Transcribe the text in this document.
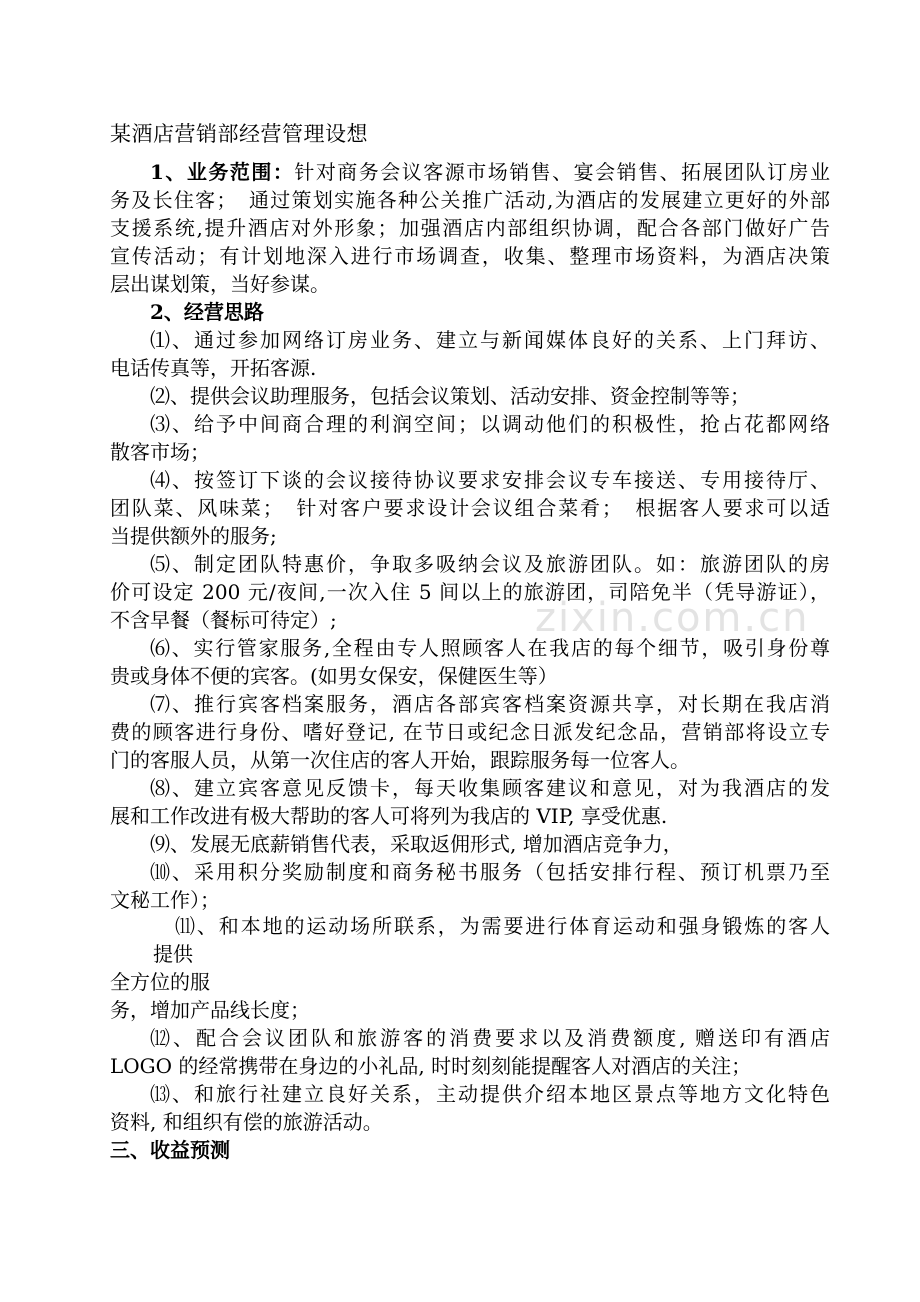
某酒店营销部经营管理设想
1、业务范围：针对商务会议客源市场销售、宴会销售、拓展团队订房业
务及长住客；　通过策划实施各种公关推广活动,为酒店的发展建立更好的外部
支援系统,提升酒店对外形象；加强酒店内部组织协调，配合各部门做好广告
宣传活动；有计划地深入进行市场调查，收集、整理市场资料，为酒店决策
层出谋划策，当好参谋。
2、经营思路
⑴、通过参加网络订房业务、建立与新闻媒体良好的关系、上门拜访、
电话传真等，开拓客源.
⑵、提供会议助理服务，包括会议策划、活动安排、资金控制等等；
⑶、给予中间商合理的利润空间；以调动他们的积极性，抢占花都网络
散客市场；
⑷、按签订下谈的会议接待协议要求安排会议专车接送、专用接待厅、
团队菜、风味菜；　针对客户要求设计会议组合菜肴；　根据客人要求可以适
当提供额外的服务;
⑸、制定团队特惠价，争取多吸纳会议及旅游团队。如：旅游团队的房
价可设定 200 元/夜间,一次入住 5 间以上的旅游团，司陪免半（凭导游证），
不含早餐（餐标可待定）;
⑹、实行管家服务,全程由专人照顾客人在我店的每个细节，吸引身份尊
贵或身体不便的宾客。(如男女保安，保健医生等）
⑺、推行宾客档案服务，酒店各部宾客档案资源共享，对长期在我店消
费的顾客进行身份、嗜好登记, 在节日或纪念日派发纪念品，营销部将设立专
门的客服人员，从第一次住店的客人开始，跟踪服务每一位客人。
⑻、建立宾客意见反馈卡，每天收集顾客建议和意见，对为我酒店的发
展和工作改进有极大帮助的客人可将列为我店的 VIP, 享受优惠.
⑼、发展无底薪销售代表，采取返佣形式, 增加酒店竞争力，
⑽、采用积分奖励制度和商务秘书服务（包括安排行程、预订机票乃至
文秘工作）；
⑾、和本地的运动场所联系，为需要进行体育运动和强身锻炼的客人
提供
全方位的服
务，增加产品线长度；
⑿、配合会议团队和旅游客的消费要求以及消费额度, 赠送印有酒店
LOGO 的经常携带在身边的小礼品, 时时刻刻能提醒客人对酒店的关注；
⒀、和旅行社建立良好关系，主动提供介绍本地区景点等地方文化特色
资料, 和组织有偿的旅游活动。
三、收益预测
zixin.com.cn
